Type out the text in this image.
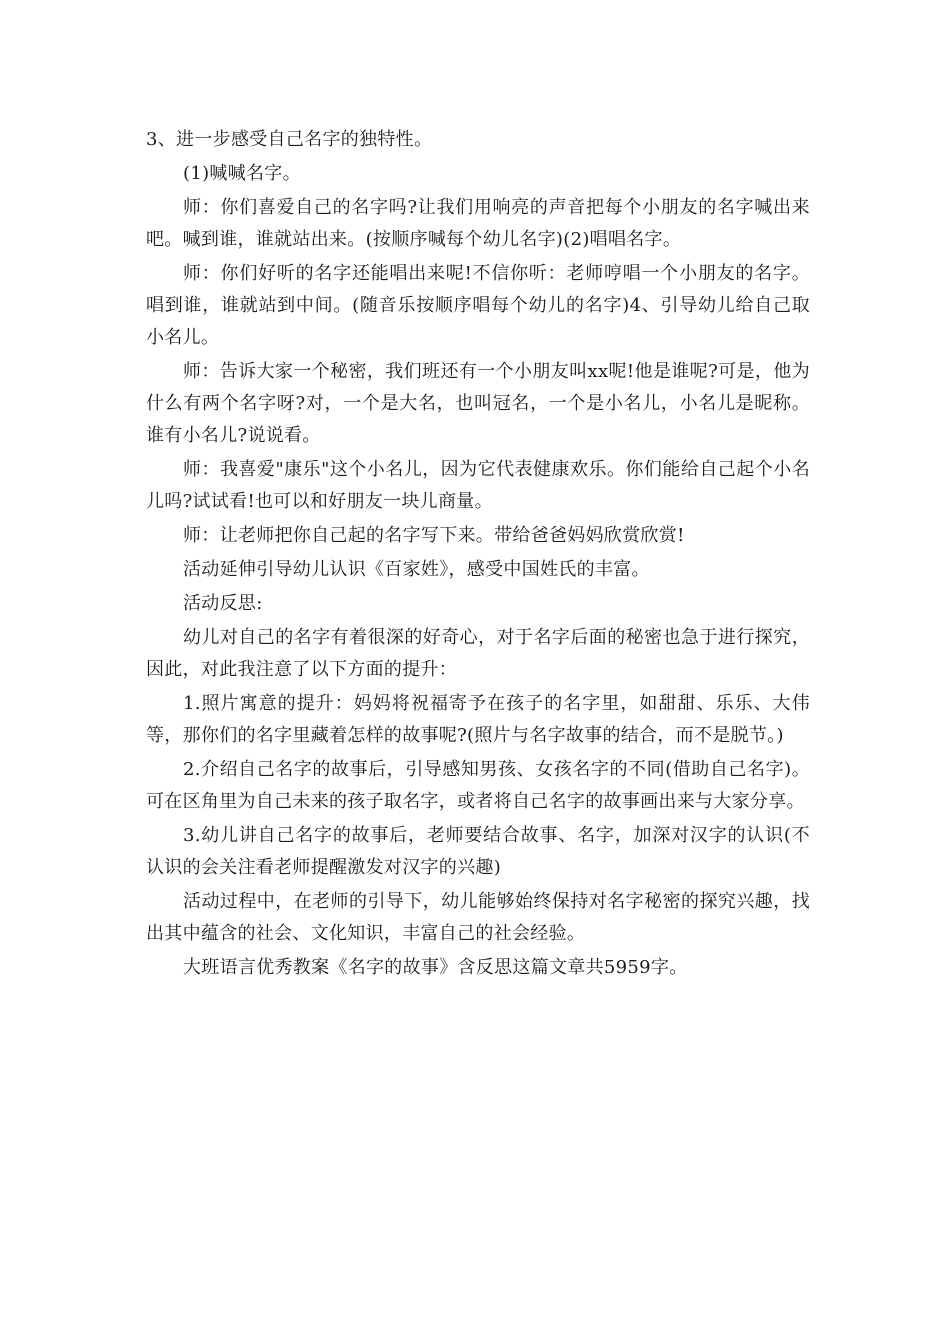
3、进一步感受自己名字的独特性。

(1)喊喊名字。

师：你们喜爱自己的名字吗?让我们用响亮的声音把每个小朋友的名字喊出来吧。喊到谁，谁就站出来。(按顺序喊每个幼儿名字)(2)唱唱名字。

师：你们好听的名字还能唱出来呢!不信你听：老师哼唱一个小朋友的名字。唱到谁，谁就站到中间。(随音乐按顺序唱每个幼儿的名字)4、引导幼儿给自己取小名儿。

师：告诉大家一个秘密，我们班还有一个小朋友叫xx呢!他是谁呢?可是，他为什么有两个名字呀?对，一个是大名，也叫冠名，一个是小名儿，小名儿是昵称。谁有小名儿?说说看。

师：我喜爱"康乐"这个小名儿，因为它代表健康欢乐。你们能给自己起个小名儿吗?试试看!也可以和好朋友一块儿商量。

师：让老师把你自己起的名字写下来。带给爸爸妈妈欣赏欣赏!

活动延伸引导幼儿认识《百家姓》，感受中国姓氏的丰富。

活动反思:

幼儿对自己的名字有着很深的好奇心，对于名字后面的秘密也急于进行探究，因此，对此我注意了以下方面的提升：

1.照片寓意的提升：妈妈将祝福寄予在孩子的名字里，如甜甜、乐乐、大伟等，那你们的名字里藏着怎样的故事呢?(照片与名字故事的结合，而不是脱节。)

2.介绍自己名字的故事后，引导感知男孩、女孩名字的不同(借助自己名字)。可在区角里为自己未来的孩子取名字，或者将自己名字的故事画出来与大家分享。

3.幼儿讲自己名字的故事后，老师要结合故事、名字，加深对汉字的认识(不认识的会关注看老师提醒激发对汉字的兴趣)

活动过程中，在老师的引导下，幼儿能够始终保持对名字秘密的探究兴趣，找出其中蕴含的社会、文化知识，丰富自己的社会经验。

大班语言优秀教案《名字的故事》含反思这篇文章共5959字。
